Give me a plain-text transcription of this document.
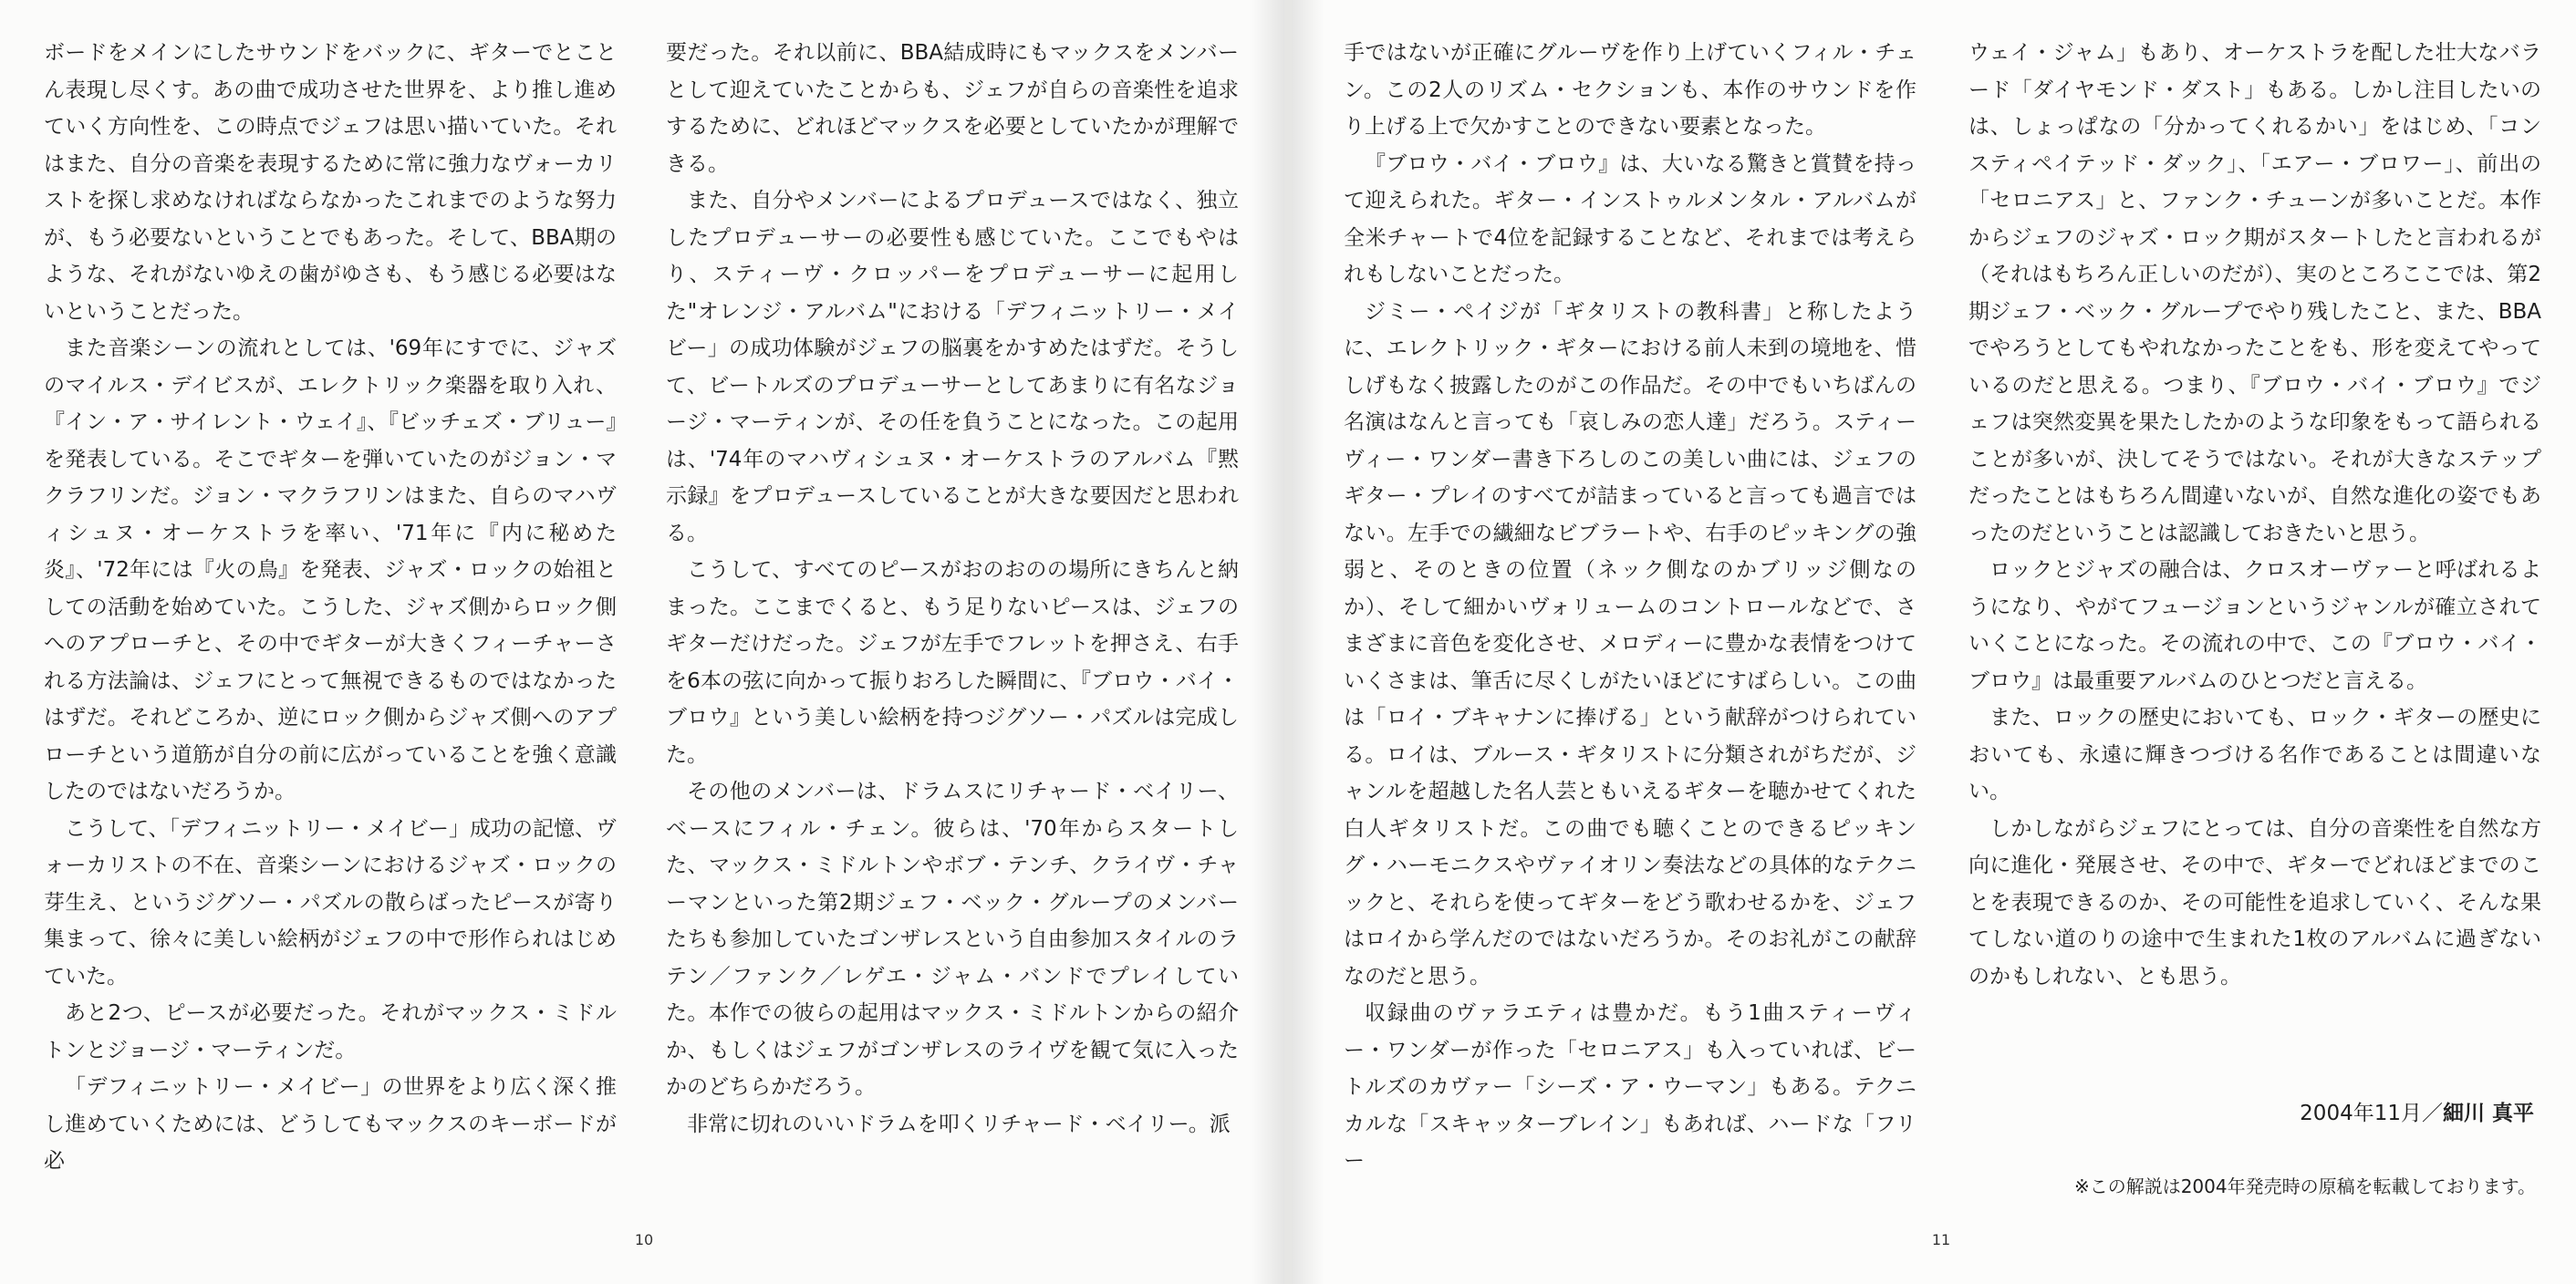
ボードをメインにしたサウンドをバックに、ギターでとことん表現し尽くす。あの曲で成功させた世界を、より推し進めていく方向性を、この時点でジェフは思い描いていた。それはまた、自分の音楽を表現するために常に強力なヴォーカリストを探し求めなければならなかったこれまでのような努力が、もう必要ないということでもあった。そして、BBA期のような、それがないゆえの歯がゆさも、もう感じる必要はないということだった。

また音楽シーンの流れとしては、'69年にすでに、ジャズのマイルス・デイビスが、エレクトリック楽器を取り入れ、『イン・ア・サイレント・ウェイ』、『ビッチェズ・ブリュー』を発表している。そこでギターを弾いていたのがジョン・マクラフリンだ。ジョン・マクラフリンはまた、自らのマハヴィシュヌ・オーケストラを率い、'71年に『内に秘めた炎』、'72年には『火の鳥』を発表、ジャズ・ロックの始祖としての活動を始めていた。こうした、ジャズ側からロック側へのアプローチと、その中でギターが大きくフィーチャーされる方法論は、ジェフにとって無視できるものではなかったはずだ。それどころか、逆にロック側からジャズ側へのアプローチという道筋が自分の前に広がっていることを強く意識したのではないだろうか。

こうして、「デフィニットリー・メイビー」成功の記憶、ヴォーカリストの不在、音楽シーンにおけるジャズ・ロックの芽生え、というジグソー・パズルの散らばったピースが寄り集まって、徐々に美しい絵柄がジェフの中で形作られはじめていた。

あと2つ、ピースが必要だった。それがマックス・ミドルトンとジョージ・マーティンだ。

「デフィニットリー・メイビー」の世界をより広く深く推し進めていくためには、どうしてもマックスのキーボードが必

要だった。それ以前に、BBA結成時にもマックスをメンバーとして迎えていたことからも、ジェフが自らの音楽性を追求するために、どれほどマックスを必要としていたかが理解できる。

また、自分やメンバーによるプロデュースではなく、独立したプロデューサーの必要性も感じていた。ここでもやはり、スティーヴ・クロッパーをプロデューサーに起用した"オレンジ・アルバム"における「デフィニットリー・メイビー」の成功体験がジェフの脳裏をかすめたはずだ。そうして、ビートルズのプロデューサーとしてあまりに有名なジョージ・マーティンが、その任を負うことになった。この起用は、'74年のマハヴィシュヌ・オーケストラのアルバム『黙示録』をプロデュースしていることが大きな要因だと思われる。

こうして、すべてのピースがおのおのの場所にきちんと納まった。ここまでくると、もう足りないピースは、ジェフのギターだけだった。ジェフが左手でフレットを押さえ、右手を6本の弦に向かって振りおろした瞬間に、『ブロウ・バイ・ブロウ』という美しい絵柄を持つジグソー・パズルは完成した。

その他のメンバーは、ドラムスにリチャード・ベイリー、ベースにフィル・チェン。彼らは、'70年からスタートした、マックス・ミドルトンやボブ・テンチ、クライヴ・チャーマンといった第2期ジェフ・ベック・グループのメンバーたちも参加していたゴンザレスという自由参加スタイルのラテン／ファンク／レゲエ・ジャム・バンドでプレイしていた。本作での彼らの起用はマックス・ミドルトンからの紹介か、もしくはジェフがゴンザレスのライヴを観て気に入ったかのどちらかだろう。

非常に切れのいいドラムを叩くリチャード・ベイリー。派

10

手ではないが正確にグルーヴを作り上げていくフィル・チェン。この2人のリズム・セクションも、本作のサウンドを作り上げる上で欠かすことのできない要素となった。

『ブロウ・バイ・ブロウ』は、大いなる驚きと賞賛を持って迎えられた。ギター・インストゥルメンタル・アルバムが全米チャートで4位を記録することなど、それまでは考えられもしないことだった。

ジミー・ペイジが「ギタリストの教科書」と称したように、エレクトリック・ギターにおける前人未到の境地を、惜しげもなく披露したのがこの作品だ。その中でもいちばんの名演はなんと言っても「哀しみの恋人達」だろう。スティーヴィー・ワンダー書き下ろしのこの美しい曲には、ジェフのギター・プレイのすべてが詰まっていると言っても過言ではない。左手での繊細なビブラートや、右手のピッキングの強弱と、そのときの位置（ネック側なのかブリッジ側なのか）、そして細かいヴォリュームのコントロールなどで、さまざまに音色を変化させ、メロディーに豊かな表情をつけていくさまは、筆舌に尽くしがたいほどにすばらしい。この曲は「ロイ・ブキャナンに捧げる」という献辞がつけられている。ロイは、ブルース・ギタリストに分類されがちだが、ジャンルを超越した名人芸ともいえるギターを聴かせてくれた白人ギタリストだ。この曲でも聴くことのできるピッキング・ハーモニクスやヴァイオリン奏法などの具体的なテクニックと、それらを使ってギターをどう歌わせるかを、ジェフはロイから学んだのではないだろうか。そのお礼がこの献辞なのだと思う。

収録曲のヴァラエティは豊かだ。もう1曲スティーヴィー・ワンダーが作った「セロニアス」も入っていれば、ビートルズのカヴァー「シーズ・ア・ウーマン」もある。テクニカルな「スキャッターブレイン」もあれば、ハードな「フリー

ウェイ・ジャム」もあり、オーケストラを配した壮大なバラード「ダイヤモンド・ダスト」もある。しかし注目したいのは、しょっぱなの「分かってくれるかい」をはじめ、「コンスティペイテッド・ダック」、「エアー・ブロワー」、前出の「セロニアス」と、ファンク・チューンが多いことだ。本作からジェフのジャズ・ロック期がスタートしたと言われるが（それはもちろん正しいのだが）、実のところここでは、第2期ジェフ・ベック・グループでやり残したこと、また、BBAでやろうとしてもやれなかったことをも、形を変えてやっているのだと思える。つまり、『ブロウ・バイ・ブロウ』でジェフは突然変異を果たしたかのような印象をもって語られることが多いが、決してそうではない。それが大きなステップだったことはもちろん間違いないが、自然な進化の姿でもあったのだということは認識しておきたいと思う。

ロックとジャズの融合は、クロスオーヴァーと呼ばれるようになり、やがてフュージョンというジャンルが確立されていくことになった。その流れの中で、この『ブロウ・バイ・ブロウ』は最重要アルバムのひとつだと言える。

また、ロックの歴史においても、ロック・ギターの歴史においても、永遠に輝きつづける名作であることは間違いない。

しかしながらジェフにとっては、自分の音楽性を自然な方向に進化・発展させ、その中で、ギターでどれほどまでのことを表現できるのか、その可能性を追求していく、そんな果てしない道のりの途中で生まれた1枚のアルバムに過ぎないのかもしれない、とも思う。

2004年11月／細川 真平
※この解説は2004年発売時の原稿を転載しております。
11
